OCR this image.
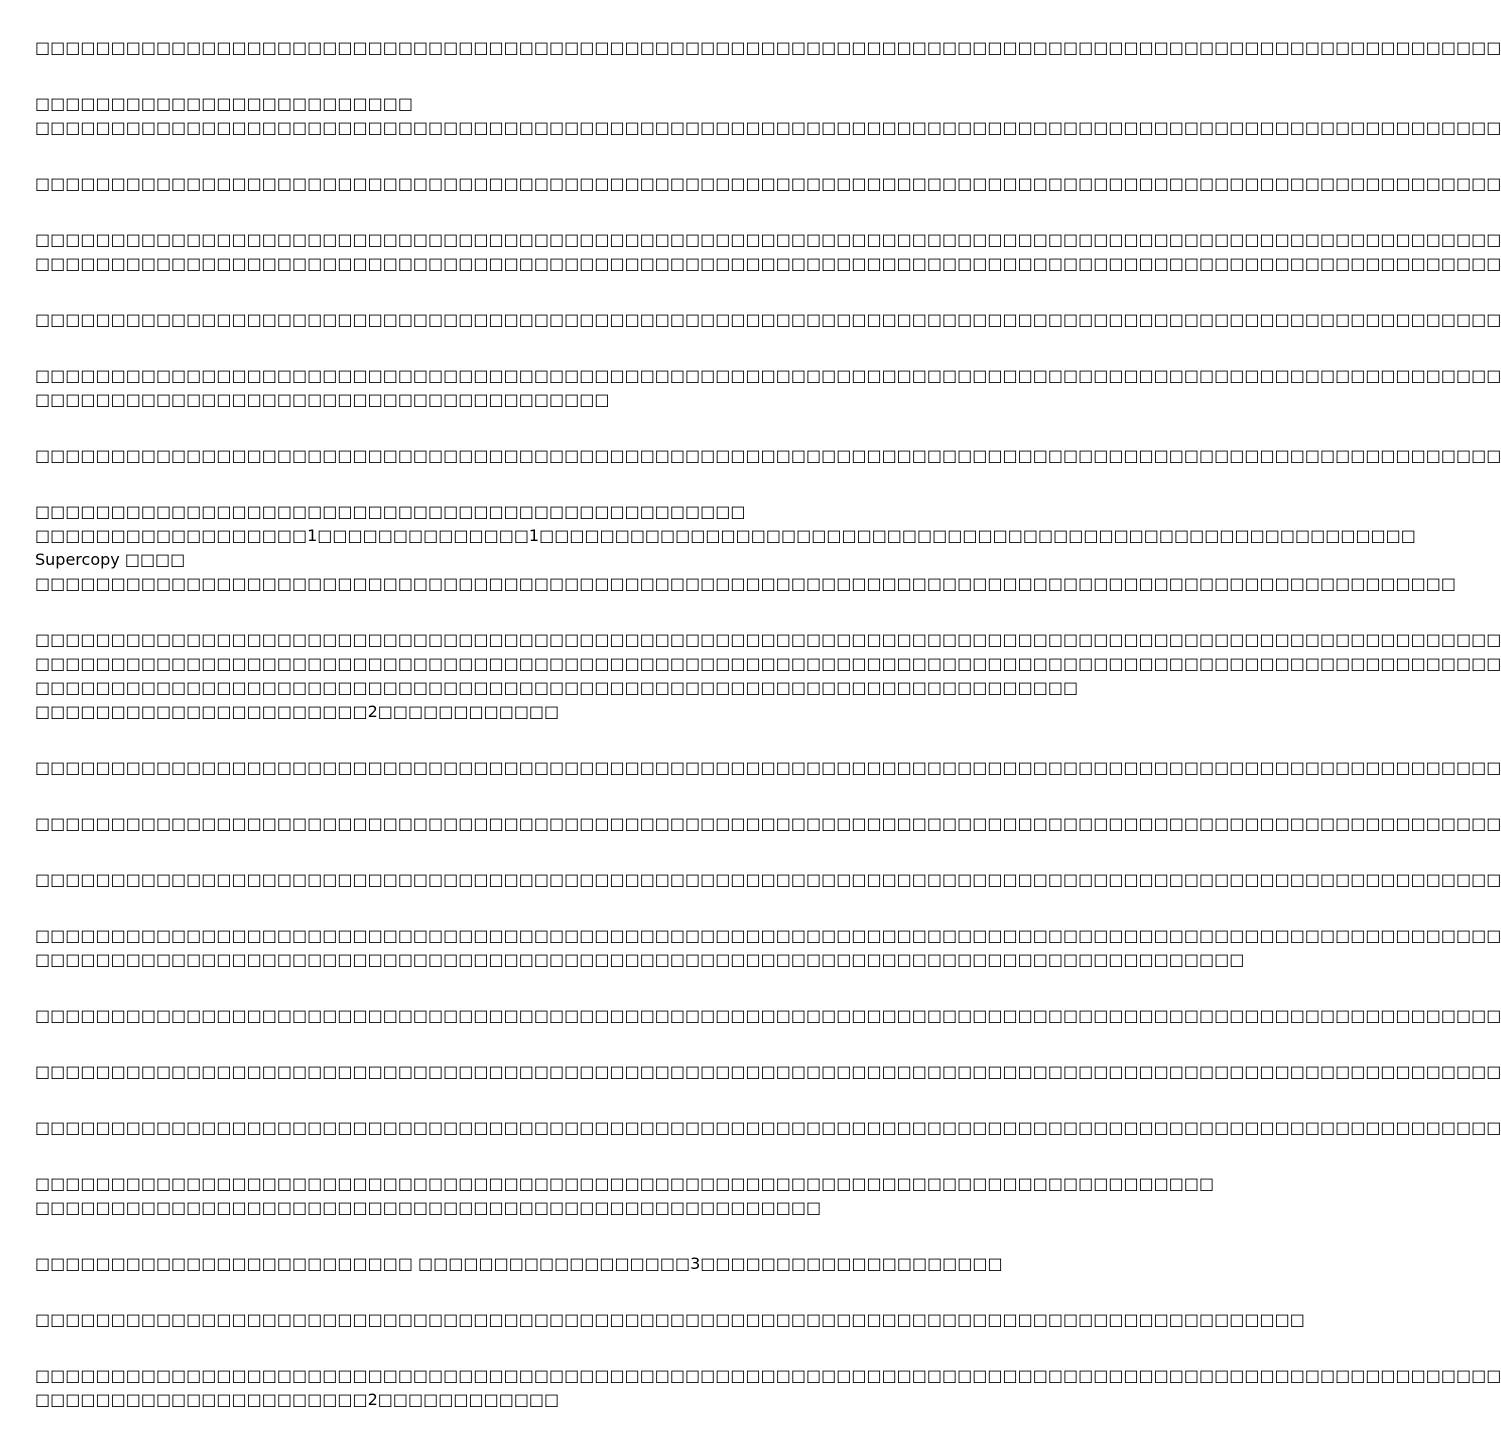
□□□□□□□□□□□□□□□□□□□□□□□□□□□□□□□□□□□□□□□□□□□□□□□□□□□□□□□□□□□□□□□□□□□□□□□□□□□□□□□□□□□□□□□□□□□□□□□□□
□□□□□□□□□□□□□□□□□□□□□□□□□
□□□□□□□□□□□□□□□□□□□□□□□□□□□□□□□□□□□□□□□□□□□□□□□□□□□□□□□□□□□□□□□□□□□□□□□□□□□□□□□□□□□□□□□□□□□□□□□□□
□□□□□□□□□□□□□□□□□□□□□□□□□□□□□□□□□□□□□□□□□□□□□□□□□□□□□□□□□□□□□□□□□□□□□□□□□□□□□□□□□□□□□□□□□□□□□□□□□
□□□□□□□□□□□□□□□□□□□□□□□□□□□□□□□□□□□□□□□□□□□□□□□□□□□□□□□□□□□□□□□□□□□□□□□□□□□□□□□□□□□□□□□□□□□□□□□□□
□□□□□□□□□□□□□□□□□□□□□□□□□□□□□□□□□□□□□□□□□□□□□□□□□□□□□□□□□□□□□□□□□□□□□□□□□□□□□□□□□□□□□□□□□□□□□□□□□
□□□□□□□□□□□□□□□□□□□□□□□□□□□□□□□□□□□□□□□□□□□□□□□□□□□□□□□□□□□□□□□□□□□□□□□□□□□□□□□□□□□□□□□□□□□□□□□□□
□□□□□□□□□□□□□□□□□□□□□□□□□□□□□□□□□□□□□□□□□□□□□□□□□□□□□□□□□□□□□□□□□□□□□□□□□□□□□□□□□□□□□□□□□□□□□□□□□
□□□□□□□□□□□□□□□□□□□□□□□□□□□□□□□□□□□□□□
□□□□□□□□□□□□□□□□□□□□□□□□□□□□□□□□□□□□□□□□□□□□□□□□□□□□□□□□□□□□□□□□□□□□□□□□□□□□□□□□□□□□□□□□□□□□□□□□□
□□□□□□□□□□□□□□□□□□□□□□□□□□□□□□□□□□□□□□□□□□□□□□□
□□□□□□□□□□□□□□□□□□1□□□□□□□□□□□□□□1□□□□□□□□□□□□□□□□□□□□□□□□□□□□□□□□□□□□□□□□□□□□□□□□□□□□□□□□□□
Supercopy □□□□
□□□□□□□□□□□□□□□□□□□□□□□□□□□□□□□□□□□□□□□□□□□□□□□□□□□□□□□□□□□□□□□□□□□□□□□□□□□□□□□□□□□□□□□□□□□□□□
□□□□□□□□□□□□□□□□□□□□□□□□□□□□□□□□□□□□□□□□□□□□□□□□□□□□□□□□□□□□□□□□□□□□□□□□□□□□□□□□□□□□□□□□□□□□□□□□□
□□□□□□□□□□□□□□□□□□□□□□□□□□□□□□□□□□□□□□□□□□□□□□□□□□□□□□□□□□□□□□□□□□□□□□□□□□□□□□□□□□□□□□□□□□□□□□□□□
□□□□□□□□□□□□□□□□□□□□□□□□□□□□□□□□□□□□□□□□□□□□□□□□□□□□□□□□□□□□□□□□□□□□□
□□□□□□□□□□□□□□□□□□□□□□2□□□□□□□□□□□□
□□□□□□□□□□□□□□□□□□□□□□□□□□□□□□□□□□□□□□□□□□□□□□□□□□□□□□□□□□□□□□□□□□□□□□□□□□□□□□□□□□□□□□□□□□□□□□□□□
□□□□□□□□□□□□□□□□□□□□□□□□□□□□□□□□□□□□□□□□□□□□□□□□□□□□□□□□□□□□□□□□□□□□□□□□□□□□□□□□□□□□□□□□□□□□□□□□□
□□□□□□□□□□□□□□□□□□□□□□□□□□□□□□□□□□□□□□□□□□□□□□□□□□□□□□□□□□□□□□□□□□□□□□□□□□□□□□□□□□□□□□□□□□□□□□□□□
□□□□□□□□□□□□□□□□□□□□□□□□□□□□□□□□□□□□□□□□□□□□□□□□□□□□□□□□□□□□□□□□□□□□□□□□□□□□□□□□□□□□□□□□□□□□□□□□□
□□□□□□□□□□□□□□□□□□□□□□□□□□□□□□□□□□□□□□□□□□□□□□□□□□□□□□□□□□□□□□□□□□□□□□□□□□□□□□□□
□□□□□□□□□□□□□□□□□□□□□□□□□□□□□□□□□□□□□□□□□□□□□□□□□□□□□□□□□□□□□□□□□□□□□□□□□□□□□□□□□□□□□□□□□□□□□□□□□
□□□□□□□□□□□□□□□□□□□□□□□□□□□□□□□□□□□□□□□□□□□□□□□□□□□□□□□□□□□□□□□□□□□□□□□□□□□□□□□□□□□□□□□□□□□□□□□□□
□□□□□□□□□□□□□□□□□□□□□□□□□□□□□□□□□□□□□□□□□□□□□□□□□□□□□□□□□□□□□□□□□□□□□□□□□□□□□□□□□□□□□□□□□□□□□□□□□
□□□□□□□□□□□□□□□□□□□□□□□□□□□□□□□□□□□□□□□□□□□□□□□□□□□□□□□□□□□□□□□□□□□□□□□□□□□□□□
□□□□□□□□□□□□□□□□□□□□□□□□□□□□□□□□□□□□□□□□□□□□□□□□□□□□
□□□□□□□□□□□□□□□□□□□□□□□□□ □□□□□□□□□□□□□□□□□□3□□□□□□□□□□□□□□□□□□□□
□□□□□□□□□□□□□□□□□□□□□□□□□□□□□□□□□□□□□□□□□□□□□□□□□□□□□□□□□□□□□□□□□□□□□□□□□□□□□□□□□□□□
□□□□□□□□□□□□□□□□□□□□□□□□□□□□□□□□□□□□□□□□□□□□□□□□□□□□□□□□□□□□□□□□□□□□□□□□□□□□□□□□□□□□□□□□□□□□□□□□□
□□□□□□□□□□□□□□□□□□□□□□2□□□□□□□□□□□□
